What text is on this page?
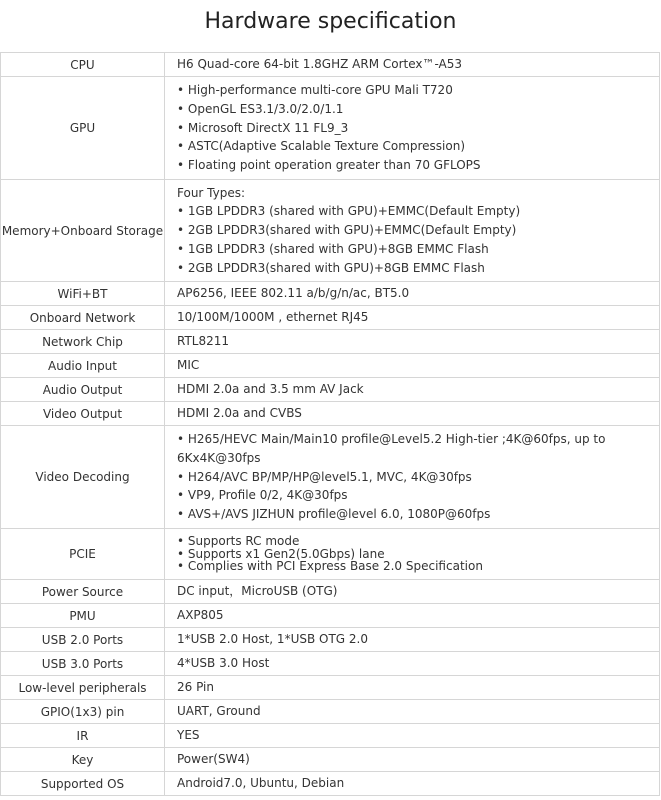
Hardware specification
CPU	H6 Quad-core 64-bit 1.8GHZ ARM Cortex™-A53

GPU	• High-performance multi-core GPU Mali T720
• OpenGL ES3.1/3.0/2.0/1.1
• Microsoft DirectX 11 FL9_3
• ASTC(Adaptive Scalable Texture Compression)
• Floating point operation greater than 70 GFLOPS

Memory+Onboard Storage	Four Types:
• 1GB LPDDR3 (shared with GPU)+EMMC(Default Empty)
• 2GB LPDDR3(shared with GPU)+EMMC(Default Empty)
• 1GB LPDDR3 (shared with GPU)+8GB EMMC Flash
• 2GB LPDDR3(shared with GPU)+8GB EMMC Flash

WiFi+BT	AP6256, IEEE 802.11 a/b/g/n/ac, BT5.0

Onboard Network	10/100M/1000M , ethernet RJ45

Network Chip	RTL8211

Audio Input	MIC

Audio Output	HDMI 2.0a and 3.5 mm AV Jack

Video Output	HDMI 2.0a and CVBS

Video Decoding	• H265/HEVC Main/Main10 profile@Level5.2 High-tier ;4K@60fps, up to
6Kx4K@30fps
• H264/AVC BP/MP/HP@level5.1, MVC, 4K@30fps
• VP9, Profile 0/2, 4K@30fps
• AVS+/AVS JIZHUN profile@level 6.0, 1080P@60fps

PCIE	• Supports RC mode
• Supports x1 Gen2(5.0Gbps) lane
• Complies with PCI Express Base 2.0 Specification

Power Source	DC input，MicroUSB (OTG)

PMU	AXP805

USB 2.0 Ports	1*USB 2.0 Host, 1*USB OTG 2.0

USB 3.0 Ports	4*USB 3.0 Host

Low-level peripherals	26 Pin

GPIO(1x3) pin	UART, Ground

IR	YES

Key	Power(SW4)

Supported OS	Android7.0, Ubuntu, Debian
